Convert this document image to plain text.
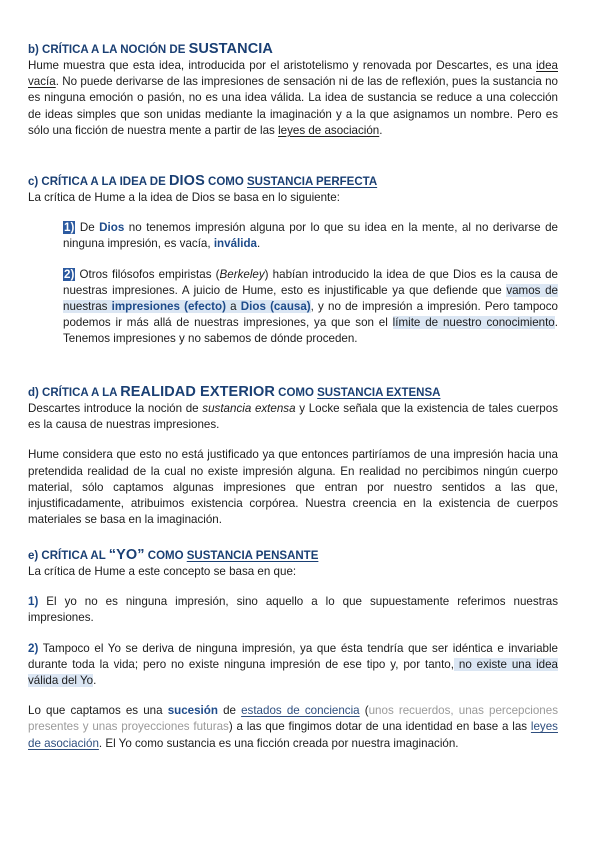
b) CRÍTICA A LA NOCIÓN DE SUSTANCIA

Hume muestra que esta idea, introducida por el aristotelismo y renovada por Descartes, es una idea vacía. No puede derivarse de las impresiones de sensación ni de las de reflexión, pues la sustancia no es ninguna emoción o pasión, no es una idea válida. La idea de sustancia se reduce a una colección de ideas simples que son unidas mediante la imaginación y a la que asignamos un nombre. Pero es sólo una ficción de nuestra mente a partir de las leyes de asociación.

c) CRÍTICA A LA IDEA DE DIOS COMO SUSTANCIA PERFECTA

La crítica de Hume a la idea de Dios se basa en lo siguiente:

1) De Dios no tenemos impresión alguna por lo que su idea en la mente, al no derivarse de ninguna impresión, es vacía, inválida.

2) Otros filósofos empiristas (Berkeley) habían introducido la idea de que Dios es la causa de nuestras impresiones. A juicio de Hume, esto es injustificable ya que defiende que vamos de nuestras impresiones (efecto) a Dios (causa), y no de impresión a impresión. Pero tampoco podemos ir más allá de nuestras impresiones, ya que son el límite de nuestro conocimiento. Tenemos impresiones y no sabemos de dónde proceden.

d) CRÍTICA A LA REALIDAD EXTERIOR COMO SUSTANCIA EXTENSA

Descartes introduce la noción de sustancia extensa y Locke señala que la existencia de tales cuerpos es la causa de nuestras impresiones.

Hume considera que esto no está justificado ya que entonces partiríamos de una impresión hacia una pretendida realidad de la cual no existe impresión alguna. En realidad no percibimos ningún cuerpo material, sólo captamos algunas impresiones que entran por nuestro sentidos a las que, injustificadamente, atribuimos existencia corpórea. Nuestra creencia en la existencia de cuerpos materiales se basa en la imaginación.

e) CRÍTICA AL “YO” COMO SUSTANCIA PENSANTE

La crítica de Hume a este concepto se basa en que:

1) El yo no es ninguna impresión, sino aquello a lo que supuestamente referimos nuestras impresiones.

2) Tampoco el Yo se deriva de ninguna impresión, ya que ésta tendría que ser idéntica e invariable durante toda la vida; pero no existe ninguna impresión de ese tipo y, por tanto, no existe una idea válida del Yo.

Lo que captamos es una sucesión de estados de conciencia (unos recuerdos, unas percepciones presentes y unas proyecciones futuras) a las que fingimos dotar de una identidad en base a las leyes de asociación. El Yo como sustancia es una ficción creada por nuestra imaginación.
